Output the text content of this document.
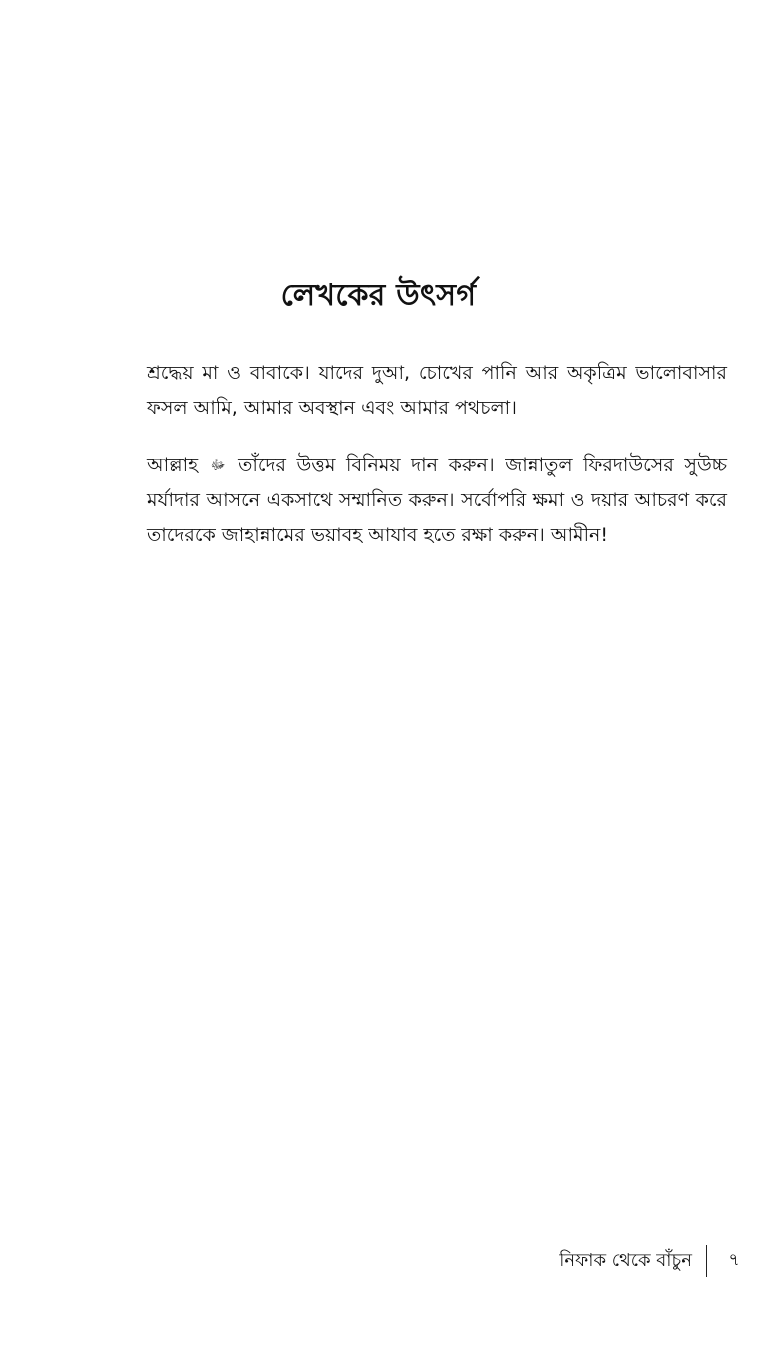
লেখকের উৎসর্গ

শ্রদ্ধেয় মা ও বাবাকে। যাদের দুআ, চোখের পানি আর অকৃত্রিম ভালোবাসার ফসল আমি, আমার অবস্থান এবং আমার পথচলা।

আল্লাহ ﷻ তাঁদের উত্তম বিনিময় দান করুন। জান্নাতুল ফিরদাউসের সুউচ্চ মর্যাদার আসনে একসাথে সম্মানিত করুন। সর্বোপরি ক্ষমা ও দয়ার আচরণ করে তাদেরকে জাহান্নামের ভয়াবহ আযাব হতে রক্ষা করুন। আমীন!

নিফাক থেকে বাঁচুন ৭
